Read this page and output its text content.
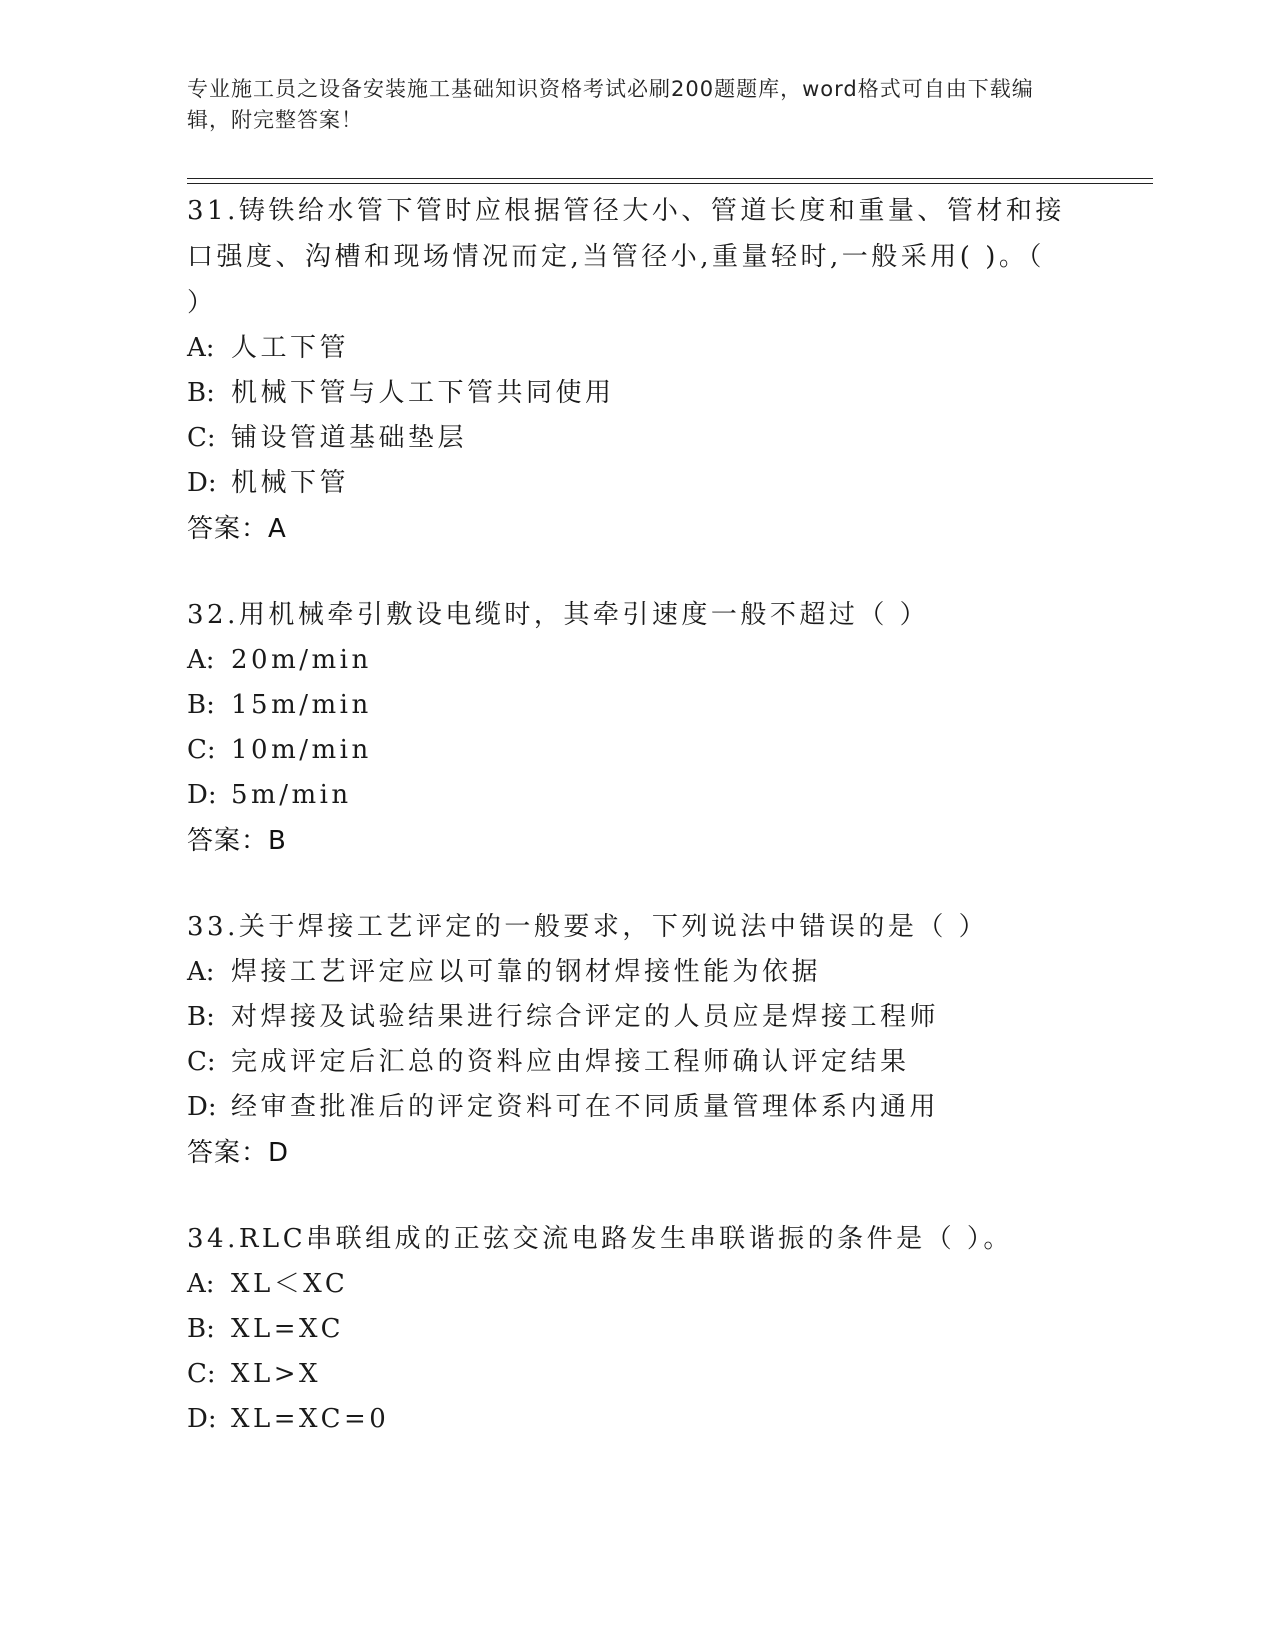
专业施工员之设备安装施工基础知识资格考试必刷200题题库，word格式可自由下载编辑，附完整答案！

31.铸铁给水管下管时应根据管径大小、管道长度和重量、管材和接口强度、沟槽和现场情况而定,当管径小,重量轻时,一般采用( )。（ ）

A: 人工下管

B: 机械下管与人工下管共同使用

C: 铺设管道基础垫层

D: 机械下管

答案：A

32.用机械牵引敷设电缆时，其牵引速度一般不超过（ ）

A: 20m/min

B: 15m/min

C: 10m/min

D: 5m/min

答案：B

33.关于焊接工艺评定的一般要求，下列说法中错误的是（ ）

A: 焊接工艺评定应以可靠的钢材焊接性能为依据

B: 对焊接及试验结果进行综合评定的人员应是焊接工程师

C: 完成评定后汇总的资料应由焊接工程师确认评定结果

D: 经审查批准后的评定资料可在不同质量管理体系内通用

答案：D

34.RLC串联组成的正弦交流电路发生串联谐振的条件是（ ）。

A: XL＜XC

B: XL=XC

C: XL>X

D: XL=XC=0
